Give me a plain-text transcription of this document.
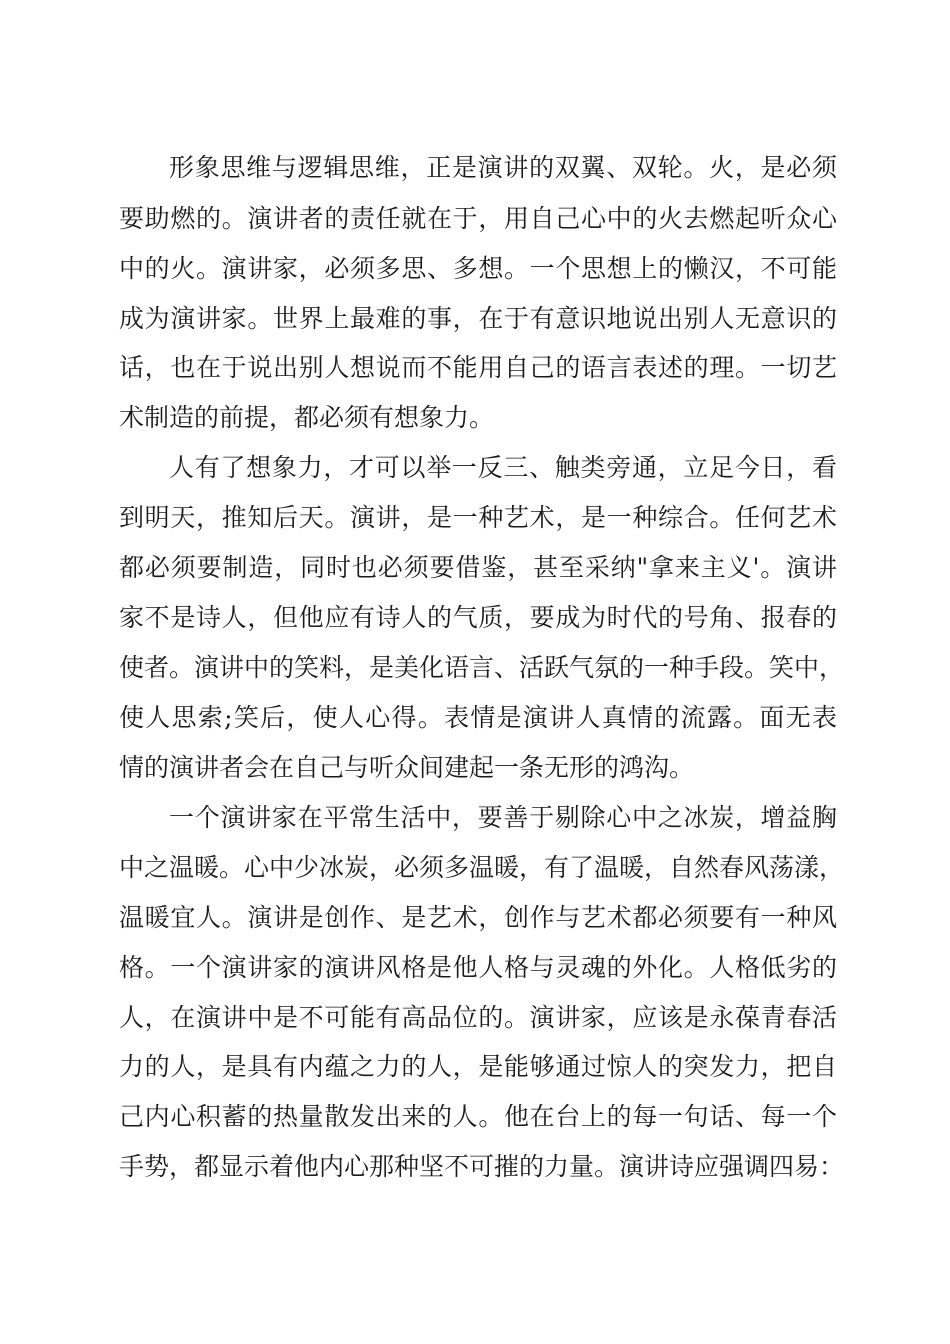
形象思维与逻辑思维，正是演讲的双翼、双轮。火，是必须
要助燃的。演讲者的责任就在于，用自己心中的火去燃起听众心
中的火。演讲家，必须多思、多想。一个思想上的懒汉，不可能
成为演讲家。世界上最难的事，在于有意识地说出别人无意识的
话，也在于说出别人想说而不能用自己的语言表述的理。一切艺
术制造的前提，都必须有想象力。
人有了想象力，才可以举一反三、触类旁通，立足今日，看
到明天，推知后天。演讲，是一种艺术，是一种综合。任何艺术
都必须要制造，同时也必须要借鉴，甚至采纳"拿来主义'。演讲
家不是诗人，但他应有诗人的气质，要成为时代的号角、报春的
使者。演讲中的笑料，是美化语言、活跃气氛的一种手段。笑中，
使人思索;笑后，使人心得。表情是演讲人真情的流露。面无表
情的演讲者会在自己与听众间建起一条无形的鸿沟。
一个演讲家在平常生活中，要善于剔除心中之冰炭，增益胸
中之温暖。心中少冰炭，必须多温暖，有了温暖，自然春风荡漾，
温暖宜人。演讲是创作、是艺术，创作与艺术都必须要有一种风
格。一个演讲家的演讲风格是他人格与灵魂的外化。人格低劣的
人，在演讲中是不可能有高品位的。演讲家，应该是永葆青春活
力的人，是具有内蕴之力的人，是能够通过惊人的突发力，把自
己内心积蓄的热量散发出来的人。他在台上的每一句话、每一个
手势，都显示着他内心那种坚不可摧的力量。演讲诗应强调四易：
